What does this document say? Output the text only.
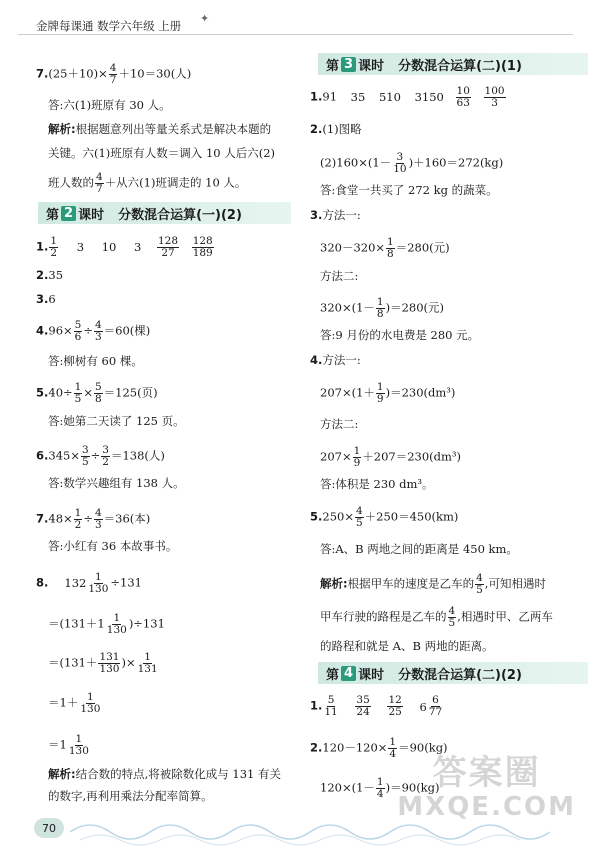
金牌每课通 数学六年级 上册
✦
$7.(25+10)\times \frac{4}{7} +10=30$(人)
答:六(1)班原有 30 人。
解析:根据题意列出等量关系式是解决本题的
关键。六(1)班原有人数＝调入 10 人后六(2)
班人数的 $\frac{4}{7}$ ＋从六(1)班调走的 10 人。
第 2 课时 分数混合运算(一)(2)
1. $\frac{1}{2} 3$ 10 $3 \frac{128}{27}$
$\frac{128}{189}$
2.35
3.6
$4.96\times \frac{5}{6} \div \frac{4}{3} =60$(棵)
答:柳树有 60 棵。
$5.40\div \frac{1}{5} \times \frac{5}{8} =125$(页)
答:她第二天读了 125 页。
$6.345\times \frac{3}{5} \div \frac{3}{2} =138$(人)
答:数学兴趣组有 138 人。
$7.48\times \frac{1}{2} \div \frac{4}{3} =36$(本)
答:小红有 36 本故事书。
8. $132 \frac{1}{130} \div 131$
$=(131+1 \frac{1}{130} )\div 131$
$=(131+ \frac{131}{130}$ )× $\frac{1}{131}$
$=1+ \frac{1}{130}$
$=1 \frac{1}{130}$
解析:结合数的特点,将被除数化成与 131 有关
的数字,再利用乘法分配率简算。
第 3 课时 分数混合运算(二)(1)
1.91 35 510 $3150 \frac{10}{63}$
$\frac{100}{3}$
2.(1)图略
$(2)160\times(1- \frac{3}{10} )+160=272(kg)$
答:食堂一共买了 272 kg 的蔬菜。
3.方法一:
$320-320\times \frac{1}{8} =280$(元)
方法二:
$320\times(1- \frac{1}{8} )=280$(元)
答:9 月份的水电费是 280 元。
4.方法一:
$207\times(1+ \frac{1}{9} )=230(dm^3)$
方法二:
$207\times \frac{1}{9} +207=230(dm^3)$
答:体积是 230 dm³。
$5.250\times \frac{4}{5} +250=450(km)$
答:A、B 两地之间的距离是 450 km。
解析:根据甲车的速度是乙车的 $\frac{4}{5}$ ,可知相遇时
甲车行驶的路程是乙车的 $\frac{4}{5}$ ,相遇时甲、乙两车
的路程和就是 A、B 两地的距离。
第 4 课时 分数混合运算(二)(2)
1. $\frac{5}{11}$
$\frac{35}{24}$
$\frac{12}{25}$
$6 \frac{6}{77}$
$2.120-120\times \frac{1}{4} =90(kg)$
$120\times(1- \frac{1}{4} )=90(kg)$
答案圈
MXQE.COM
70
